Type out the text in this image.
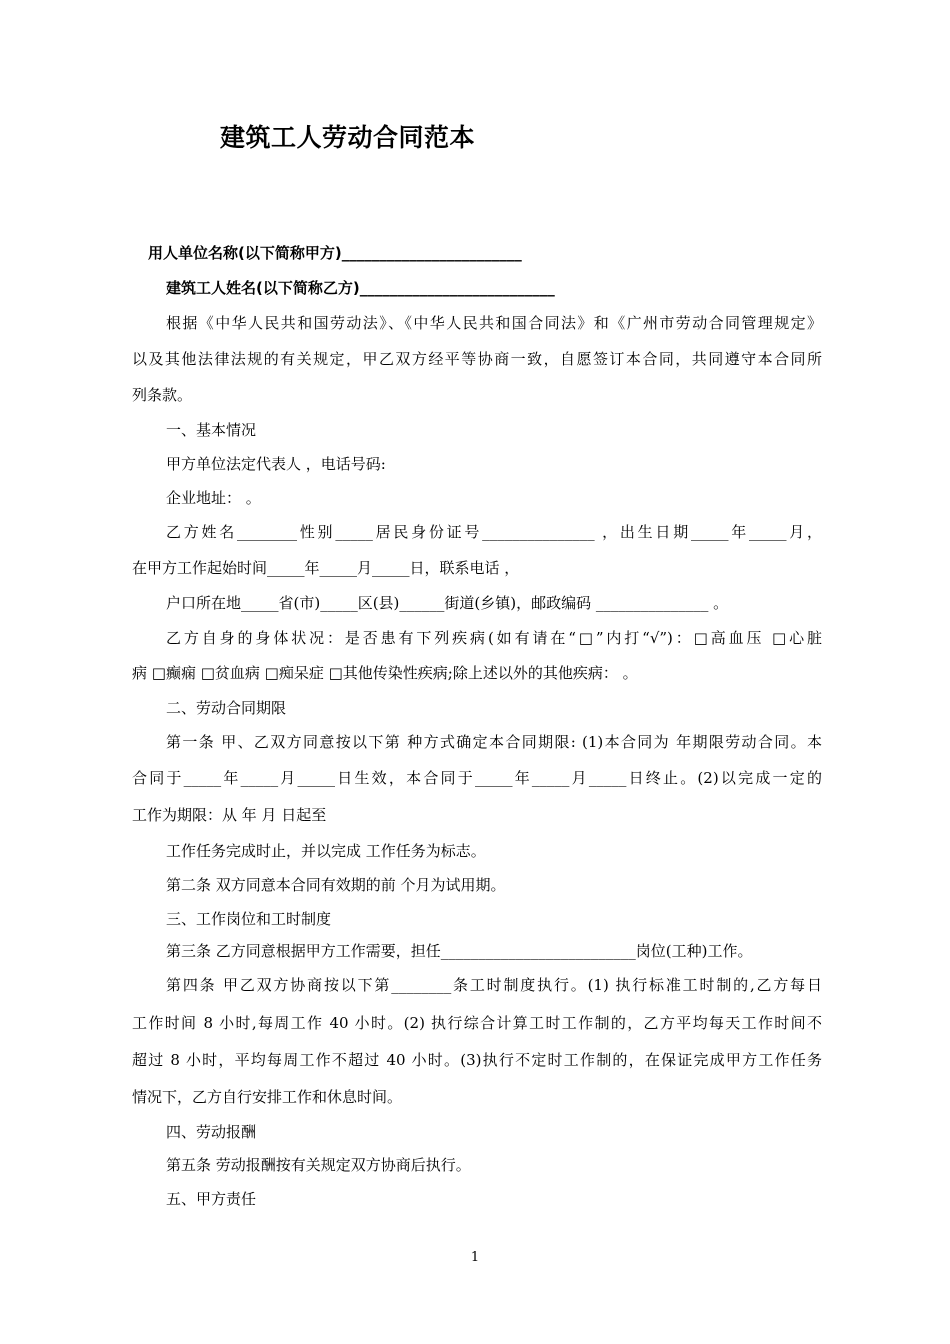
建筑工人劳动合同范本
用人单位名称(以下简称甲方)________________________
建筑工人姓名(以下简称乙方)__________________________
根据《中华人民共和国劳动法》、《中华人民共和国合同法》和《广州市劳动合同管理规定》
以及其他法律法规的有关规定，甲乙双方经平等协商一致，自愿签订本合同，共同遵守本合同所
列条款。
一、基本情况
甲方单位法定代表人 ，电话号码:
企业地址： 。
乙方姓名________性别_____居民身份证号_______________ ，出生日期_____年_____月，
在甲方工作起始时间_____年_____月_____日，联系电话 ，
户口所在地_____省(市)_____区(县)______街道(乡镇)，邮政编码 _______________ 。
乙方自身的身体状况：是否患有下列疾病(如有请在“□”内打“√”)：□高血压 □心脏
病 □癫痫 □贫血病 □痴呆症 □其他传染性疾病;除上述以外的其他疾病： 。
二、劳动合同期限
第一条 甲、乙双方同意按以下第 种方式确定本合同期限: (1)本合同为 年期限劳动合同。本
合同于_____年_____月_____日生效，本合同于_____年_____月_____日终止。(2)以完成一定的
工作为期限：从 年 月 日起至
工作任务完成时止，并以完成 工作任务为标志。
第二条 双方同意本合同有效期的前 个月为试用期。
三、工作岗位和工时制度
第三条 乙方同意根据甲方工作需要，担任__________________________岗位(工种)工作。
第四条 甲乙双方协商按以下第________条工时制度执行。(1) 执行标准工时制的,乙方每日
工作时间 8 小时,每周工作 40 小时。(2) 执行综合计算工时工作制的，乙方平均每天工作时间不
超过 8 小时，平均每周工作不超过 40 小时。(3)执行不定时工作制的，在保证完成甲方工作任务
情况下，乙方自行安排工作和休息时间。
四、劳动报酬
第五条 劳动报酬按有关规定双方协商后执行。
五、甲方责任
1
